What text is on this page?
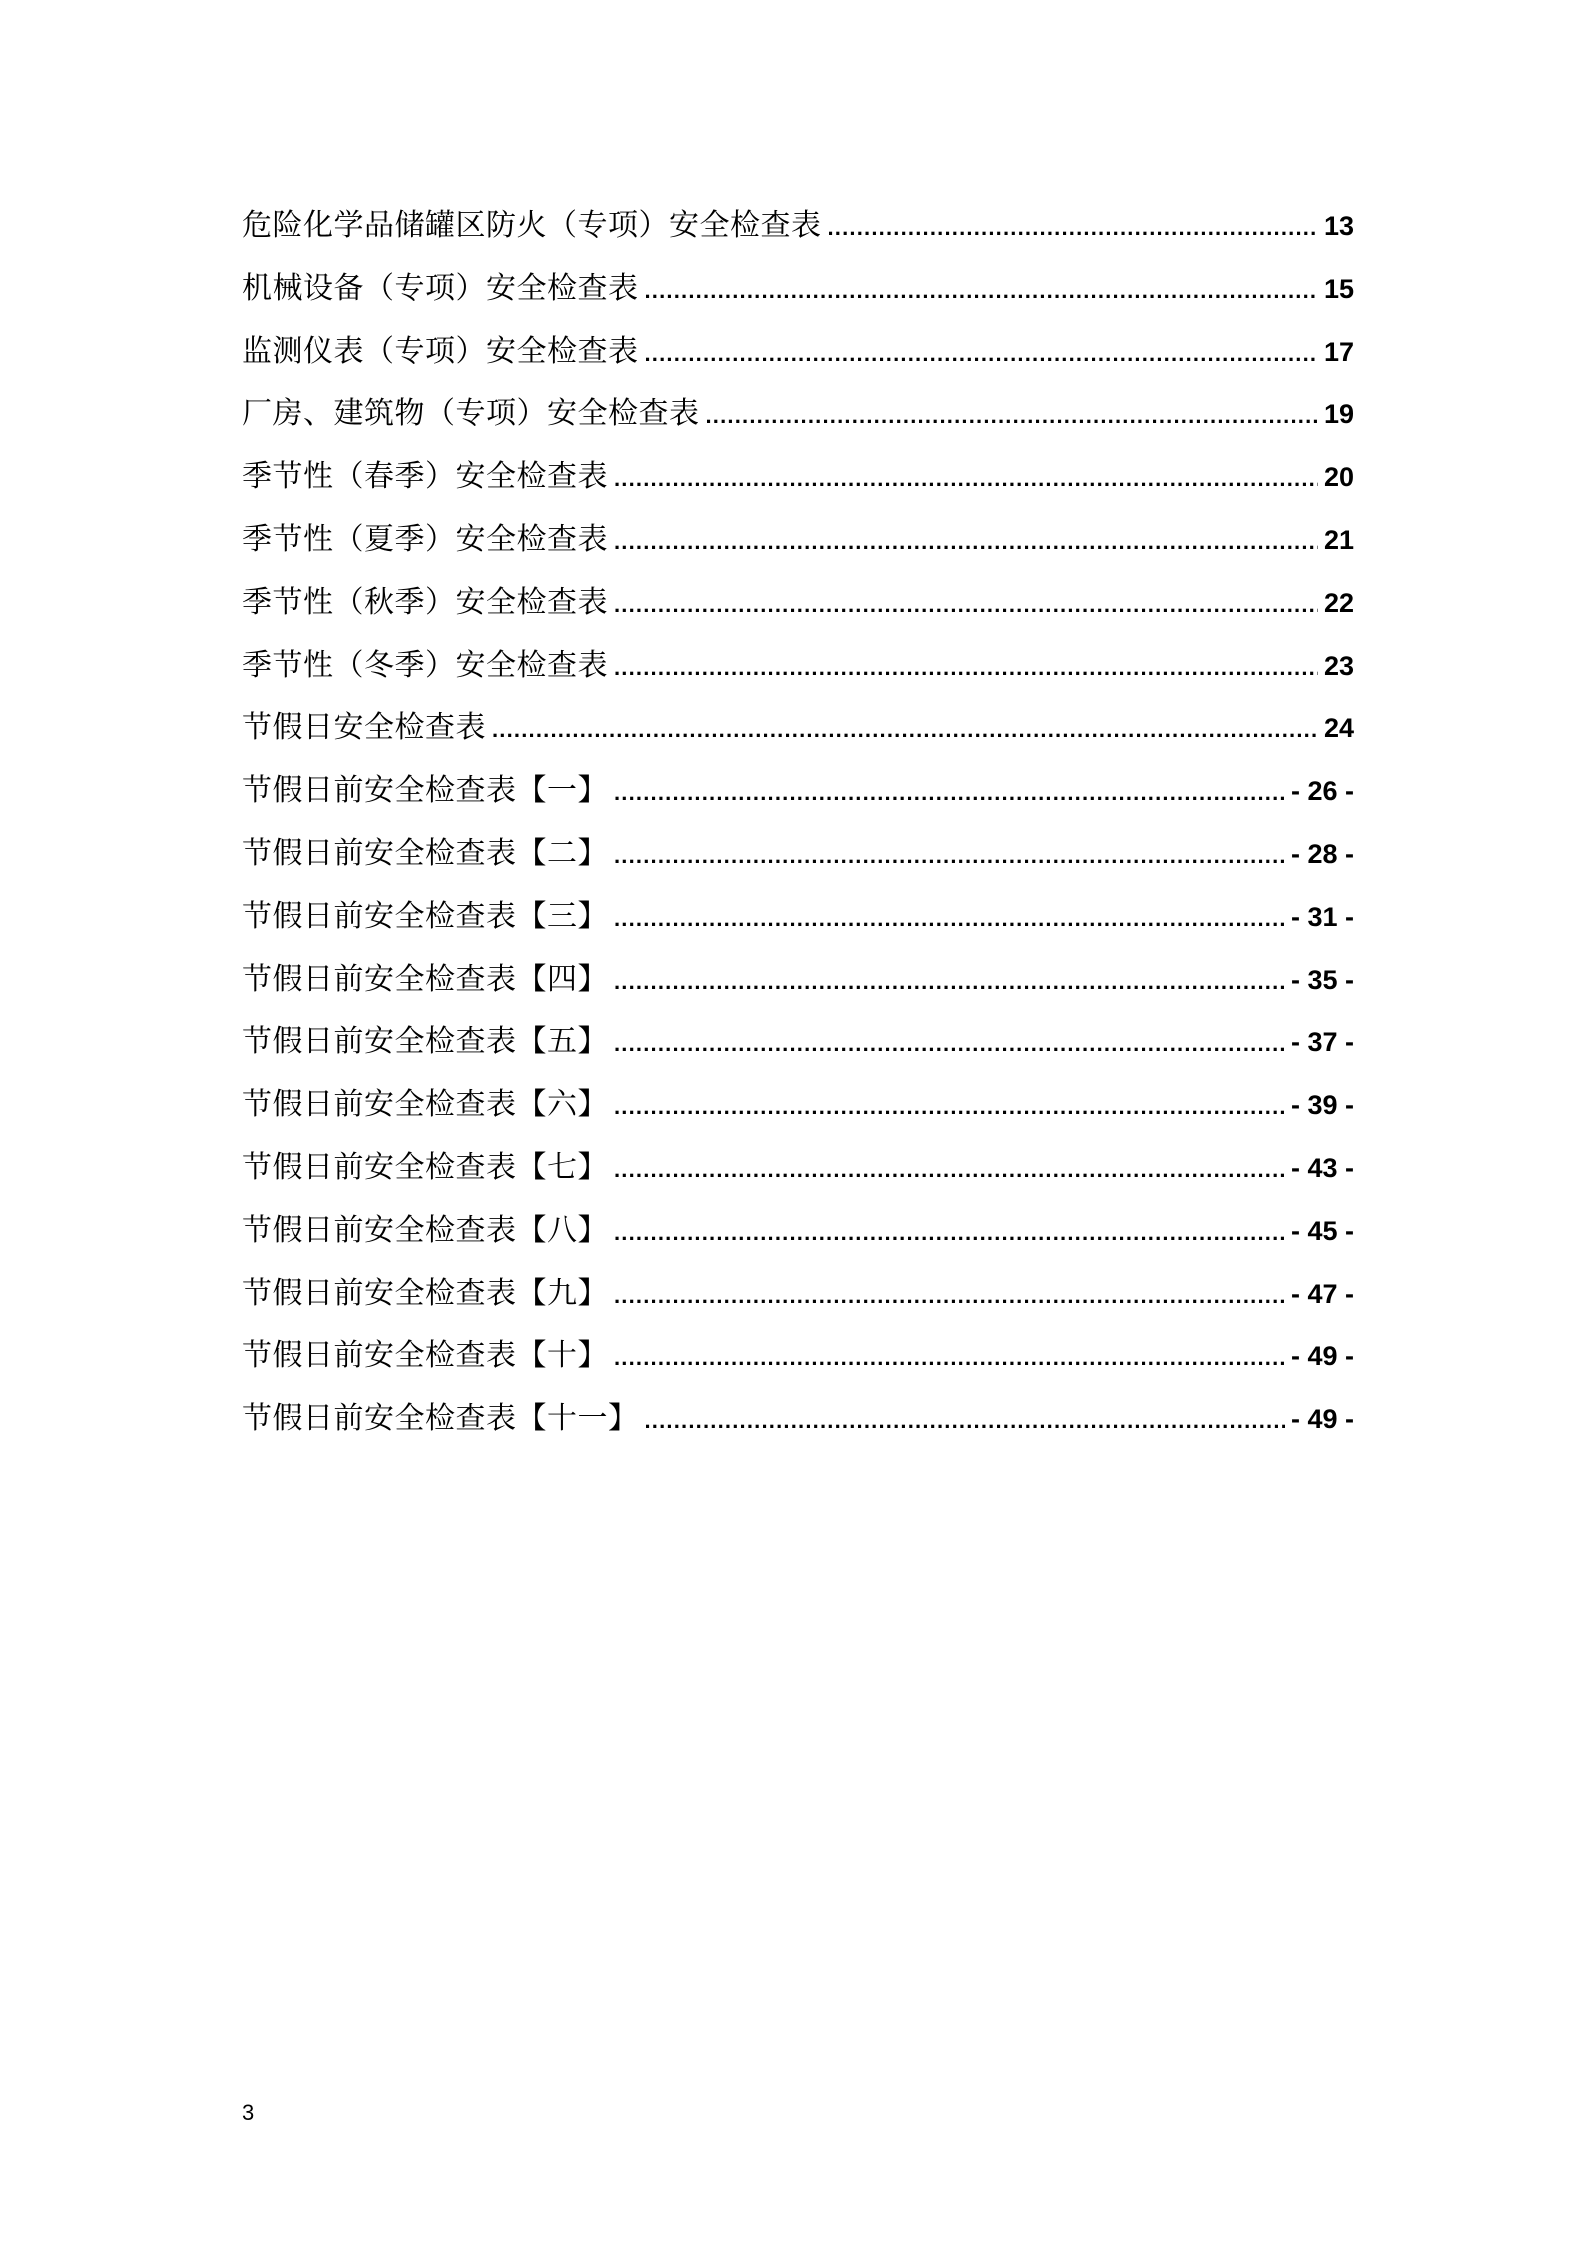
危险化学品储罐区防火（专项）安全检查表 .....	13
机械设备（专项）安全检查表 .....	15
监测仪表（专项）安全检查表 .....	17
厂房、建筑物（专项）安全检查表 .....	19
季节性（春季）安全检查表 .....	20
季节性（夏季）安全检查表 .....	21
季节性（秋季）安全检查表 .....	22
季节性（冬季）安全检查表 .....	23
节假日安全检查表 .....	24
节假日前安全检查表【一】 .....	- 26 -
节假日前安全检查表【二】 .....	- 28 -
节假日前安全检查表【三】 .....	- 31 -
节假日前安全检查表【四】 .....	- 35 -
节假日前安全检查表【五】 .....	- 37 -
节假日前安全检查表【六】 .....	- 39 -
节假日前安全检查表【七】 .....	- 43 -
节假日前安全检查表【八】 .....	- 45 -
节假日前安全检查表【九】 .....	- 47 -
节假日前安全检查表【十】 .....	- 49 -
节假日前安全检查表【十一】 .....	- 49 -
3
